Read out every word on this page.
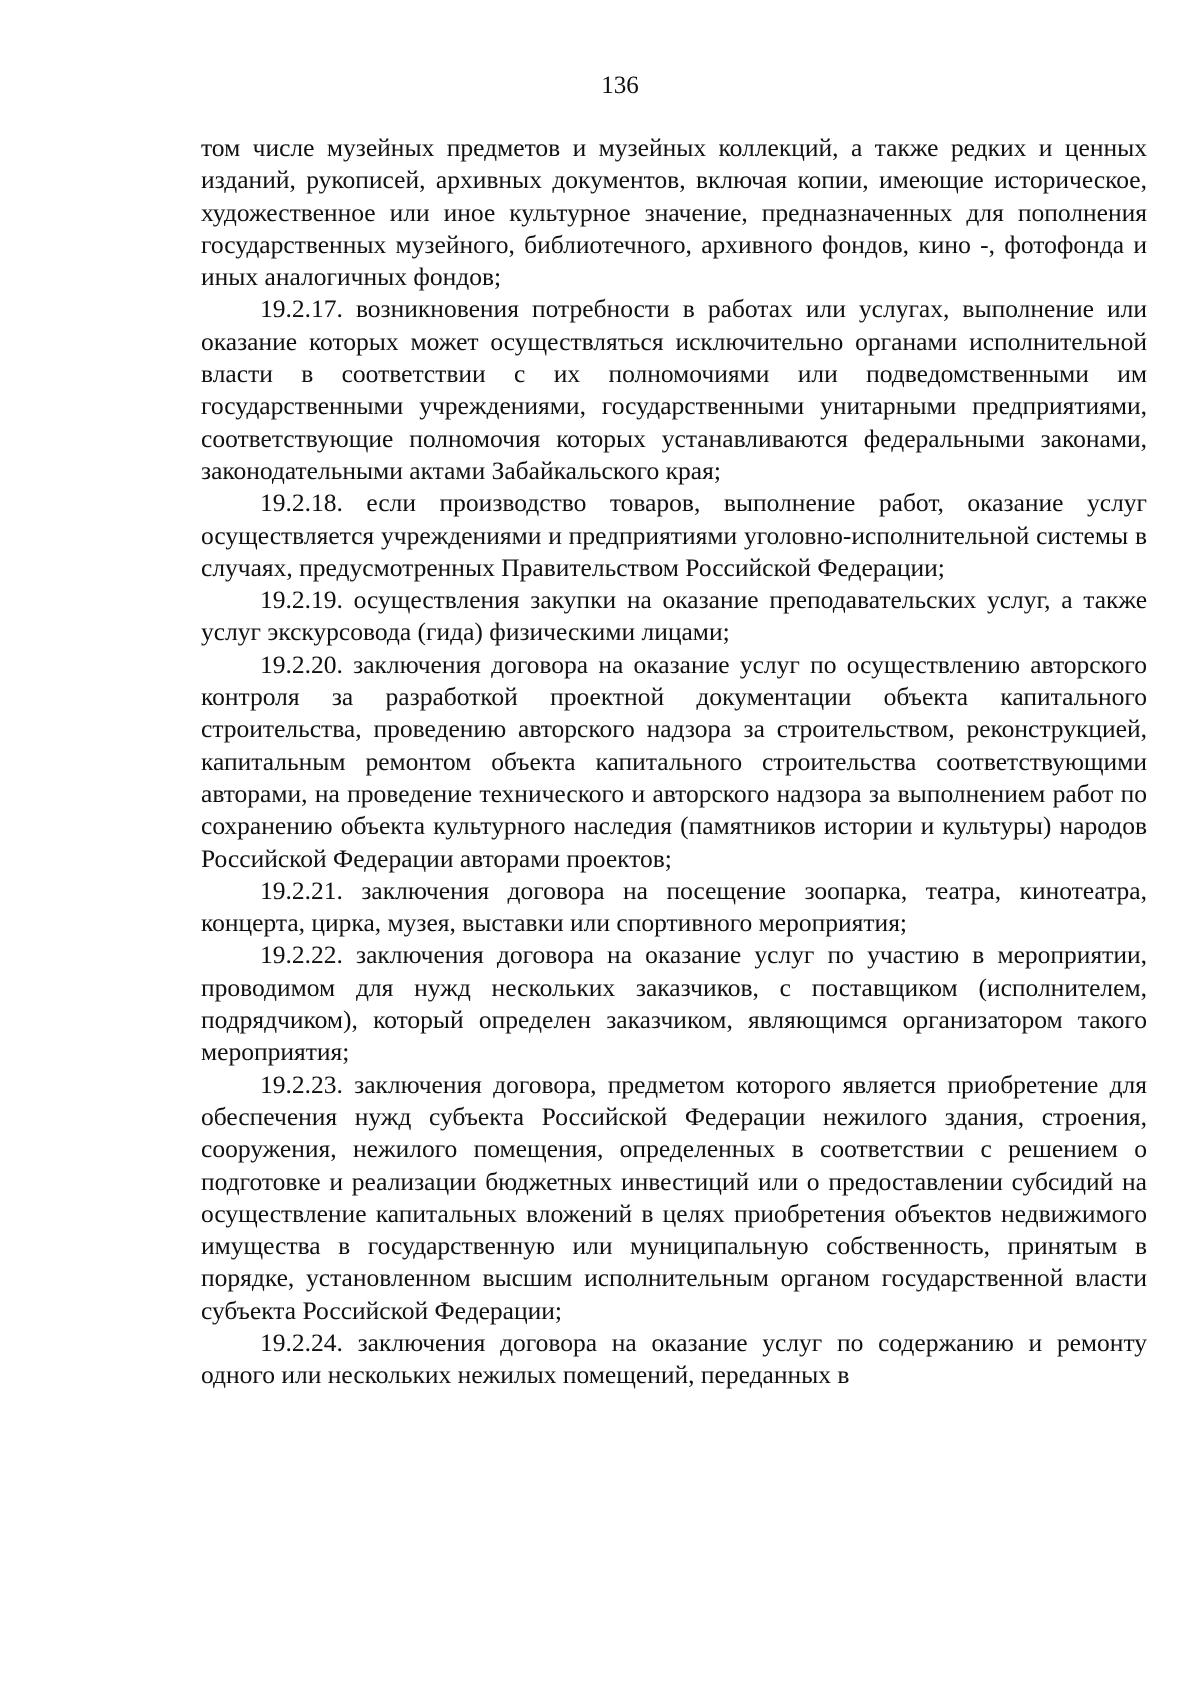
136

том числе музейных предметов и музейных коллекций, а также редких и ценных изданий, рукописей, архивных документов, включая копии, имеющие историческое, художественное или иное культурное значение, предназначенных для пополнения государственных музейного, библиотечного, архивного фондов, кино -, фотофонда и иных аналогичных фондов;

19.2.17. возникновения потребности в работах или услугах, выполнение или оказание которых может осуществляться исключительно органами исполнительной власти в соответствии с их полномочиями или подведомственными им государственными учреждениями, государственными унитарными предприятиями, соответствующие полномочия которых устанавливаются федеральными законами, законодательными актами Забайкальского края;

19.2.18. если производство товаров, выполнение работ, оказание услуг осуществляется учреждениями и предприятиями уголовно-исполнительной системы в случаях, предусмотренных Правительством Российской Федерации;

19.2.19. осуществления закупки на оказание преподавательских услуг, а также услуг экскурсовода (гида) физическими лицами;

19.2.20. заключения договора на оказание услуг по осуществлению авторского контроля за разработкой проектной документации объекта капитального строительства, проведению авторского надзора за строительством, реконструкцией, капитальным ремонтом объекта капитального строительства соответствующими авторами, на проведение технического и авторского надзора за выполнением работ по сохранению объекта культурного наследия (памятников истории и культуры) народов Российской Федерации авторами проектов;

19.2.21. заключения договора на посещение зоопарка, театра, кинотеатра, концерта, цирка, музея, выставки или спортивного мероприятия;

19.2.22. заключения договора на оказание услуг по участию в мероприятии, проводимом для нужд нескольких заказчиков, с поставщиком (исполнителем, подрядчиком), который определен заказчиком, являющимся организатором такого мероприятия;

19.2.23. заключения договора, предметом которого является приобретение для обеспечения нужд субъекта Российской Федерации нежилого здания, строения, сооружения, нежилого помещения, определенных в соответствии с решением о подготовке и реализации бюджетных инвестиций или о предоставлении субсидий на осуществление капитальных вложений в целях приобретения объектов недвижимого имущества в государственную или муниципальную собственность, принятым в порядке, установленном высшим исполнительным органом государственной власти субъекта Российской Федерации;

19.2.24. заключения договора на оказание услуг по содержанию и ремонту одного или нескольких нежилых помещений, переданных в
